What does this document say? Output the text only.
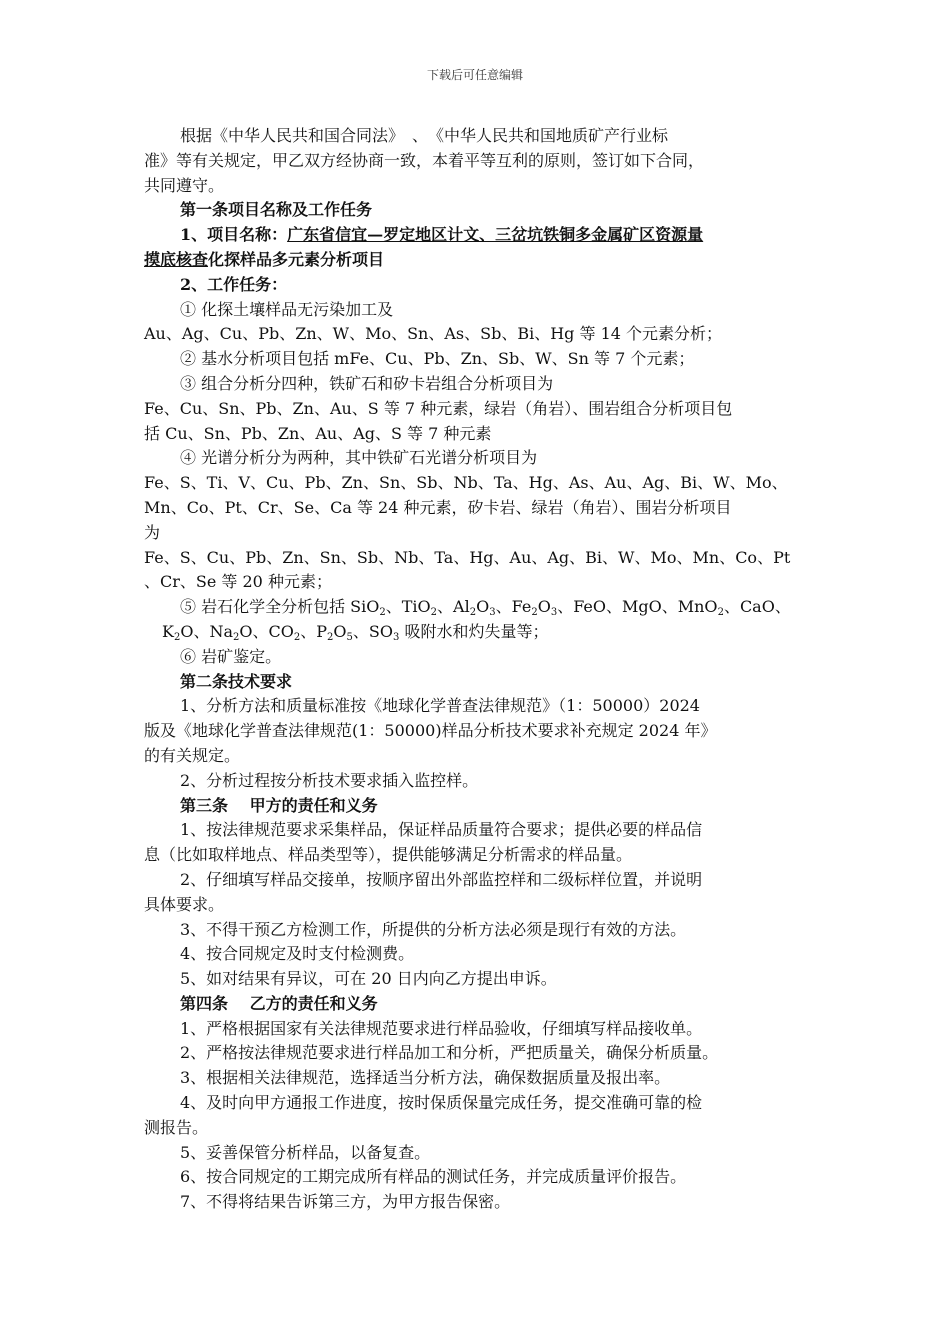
下载后可任意编辑
根据《中华人民共和国合同法》　、　《中华人民共和国地质矿产行业标
准》等有关规定，甲乙双方经协商一致，本着平等互利的原则，签订如下合同，
共同遵守。
第一条项目名称及工作任务
1、项目名称：广东省信宜—罗定地区计文、三岔坑铁铜多金属矿区资源量
摸底核查化探样品多元素分析项目
2、工作任务：
① 化探土壤样品无污染加工及
Au、Ag、Cu、Pb、Zn、W、Mo、Sn、As、Sb、Bi、Hg 等 14 个元素分析；
② 基水分析项目包括 mFe、Cu、Pb、Zn、Sb、W、Sn 等 7 个元素；
③ 组合分析分四种，铁矿石和矽卡岩组合分析项目为
Fe、Cu、Sn、Pb、Zn、Au、S 等 7 种元素，绿岩（角岩）、围岩组合分析项目包
括 Cu、Sn、Pb、Zn、Au、Ag、S 等 7 种元素
④ 光谱分析分为两种，其中铁矿石光谱分析项目为
Fe、S、Ti、V、Cu、Pb、Zn、Sn、Sb、Nb、Ta、Hg、As、Au、Ag、Bi、W、Mo、
Mn、Co、Pt、Cr、Se、Ca 等 24 种元素，矽卡岩、绿岩（角岩）、围岩分析项目
为
Fe、S、Cu、Pb、Zn、Sn、Sb、Nb、Ta、Hg、Au、Ag、Bi、W、Mo、Mn、Co、Pt
、Cr、Se 等 20 种元素；
⑤ 岩石化学全分析包括 SiO$_2$、TiO$_2$、$Al_2O_3$、$Fe_2O_3$、FeO、MgO、MnO$_2$、CaO、
$K_2O$、$Na_2O$、$CO_2$、$P_2O_5$、$SO_3$ 吸附水和灼失量等；
⑥ 岩矿鉴定。
第二条技术要求
1、分析方法和质量标准按《地球化学普查法律规范》（1：50000）2024
版及《地球化学普查法律规范(1：50000)样品分析技术要求补充规定 2024 年》
的有关规定。
2、分析过程按分析技术要求插入监控样。
第三条　 甲方的责任和义务
1、按法律规范要求采集样品，保证样品质量符合要求；提供必要的样品信
息（比如取样地点、样品类型等），提供能够满足分析需求的样品量。
2、仔细填写样品交接单，按顺序留出外部监控样和二级标样位置，并说明
具体要求。
3、不得干预乙方检测工作，所提供的分析方法必须是现行有效的方法。
4、按合同规定及时支付检测费。
5、如对结果有异议，可在 20 日内向乙方提出申诉。
第四条　 乙方的责任和义务
1、严格根据国家有关法律规范要求进行样品验收，仔细填写样品接收单。
2、严格按法律规范要求进行样品加工和分析，严把质量关，确保分析质量。
3、根据相关法律规范，选择适当分析方法，确保数据质量及报出率。
4、及时向甲方通报工作进度，按时保质保量完成任务，提交准确可靠的检
测报告。
5、妥善保管分析样品，以备复查。
6、按合同规定的工期完成所有样品的测试任务，并完成质量评价报告。
7、不得将结果告诉第三方，为甲方报告保密。
